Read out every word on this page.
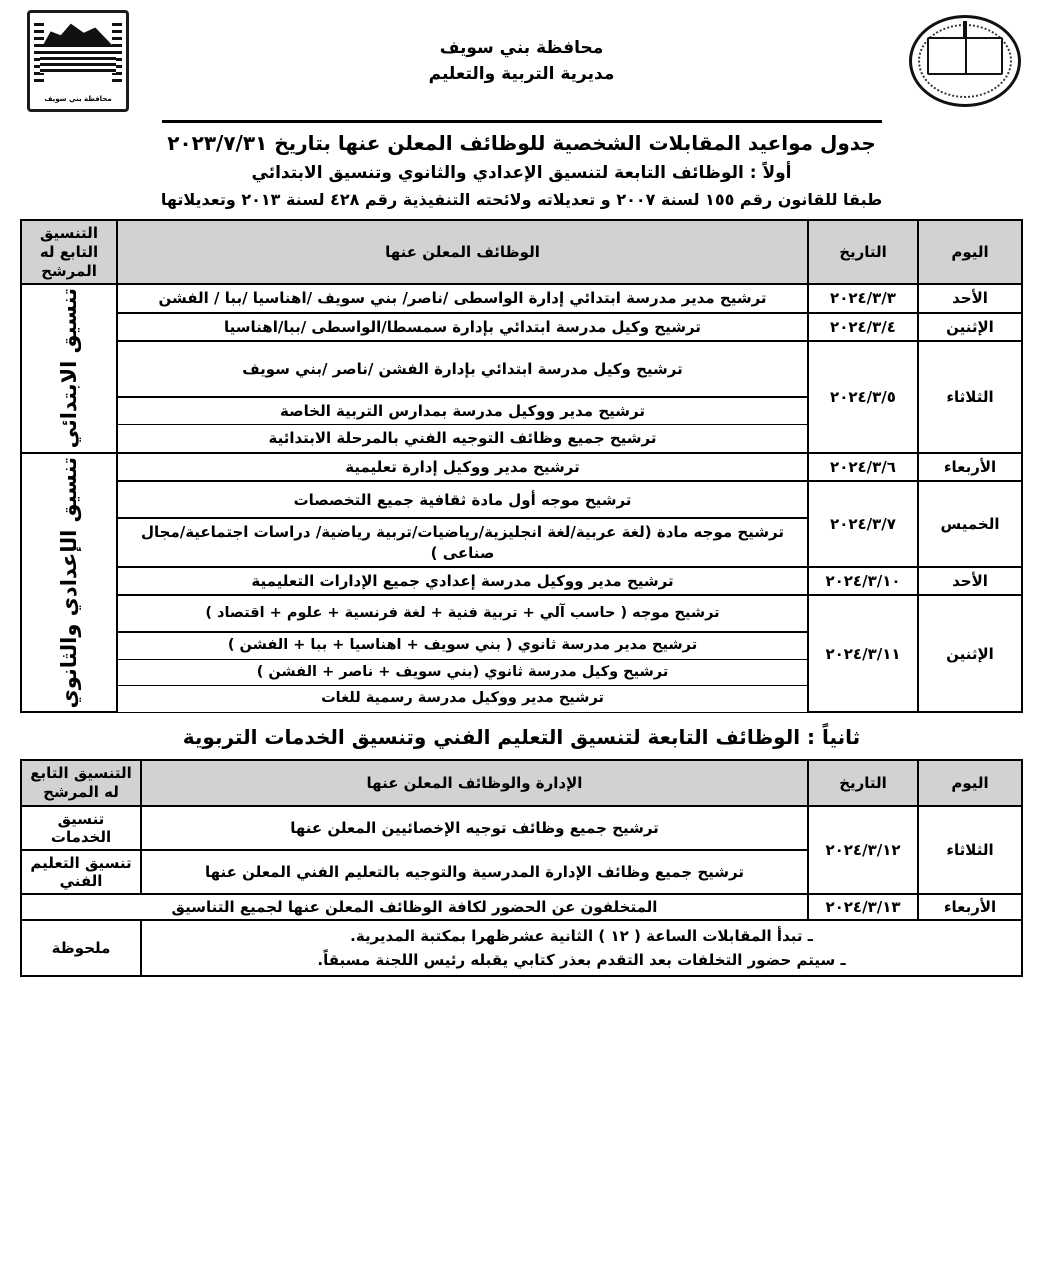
محافظة بني سويف
مديرية التربية والتعليم
محافظة بني سويف
جدول مواعيد المقابلات الشخصية للوظائف المعلن عنها بتاريخ ٢٠٢٣/٧/٣١
أولاً : الوظائف التابعة لتنسيق الإعدادي والثانوي وتنسيق الابتدائي
طبقا للقانون رقم ١٥٥ لسنة ٢٠٠٧ و تعديلاته ولائحته التنفيذية رقم ٤٢٨ لسنة ٢٠١٣ وتعديلاتها
اليوم	التاريخ	الوظائف المعلن عنها	التنسيق التابع له المرشح
الأحد	٢٠٢٤/٣/٣	ترشيح مدير مدرسة ابتدائي إدارة الواسطى /ناصر/ بني سويف /اهناسيا /ببا / الفشن	تنسيق الابتدائي

الإثنين	٢٠٢٤/٣/٤	ترشيح وكيل مدرسة ابتدائي بإدارة سمسطا/الواسطى /ببا/اهناسيا	
الثلاثاء	٢٠٢٤/٣/٥	ترشيح وكيل مدرسة ابتدائي بإدارة الفشن /ناصر /بني سويف	
		ترشيح مدير ووكيل مدرسة بمدارس التربية الخاصة	
		ترشيح جميع وظائف التوجيه الفني بالمرحلة الابتدائية	
الأربعاء	٢٠٢٤/٣/٦	ترشيح مدير ووكيل إدارة تعليمية	تنسيق الإعدادي والثانوي

الخميس	٢٠٢٤/٣/٧	ترشيح موجه أول مادة ثقافية جميع التخصصات	
		ترشيح موجه مادة (لغة عربية/لغة انجليزية/رياضيات/تربية رياضية/ دراسات اجتماعية/مجال صناعى )	
الأحد	٢٠٢٤/٣/١٠	ترشيح مدير ووكيل مدرسة إعدادي جميع الإدارات التعليمية	
الإثنين	٢٠٢٤/٣/١١	ترشيح موجه ( حاسب آلي + تربية فنية + لغة فرنسية + علوم + اقتصاد )	
		ترشيح مدير مدرسة ثانوي ( بني سويف + اهناسيا + ببا + الفشن )	
		ترشيح وكيل مدرسة ثانوي (بني سويف + ناصر + الفشن )	
		ترشيح مدير ووكيل مدرسة رسمية للغات	
ثانياً : الوظائف التابعة لتنسيق التعليم الفني وتنسيق الخدمات التربوية
اليوم	التاريخ	الإدارة والوظائف المعلن عنها	التنسيق التابع له المرشح
الثلاثاء	٢٠٢٤/٣/١٢	ترشيح جميع وظائف توجيه الإخصائيين المعلن عنها	تنسيق الخدمات
		ترشيح جميع وظائف الإدارة المدرسية والتوجيه بالتعليم الفني المعلن عنها	تنسيق التعليم الفني
الأربعاء	٢٠٢٤/٣/١٣	المتخلفون عن الحضور لكافة الوظائف المعلن عنها لجميع التناسيق	

ـ تبدأ المقابلات الساعة ( ١٢ ) الثانية عشرظهرا بمكتبة المديرية.
ـ سيتم حضور التخلفات بعد التقدم بعذر كتابي يقبله رئيس اللجنة مسبقاً.			ملحوظة
